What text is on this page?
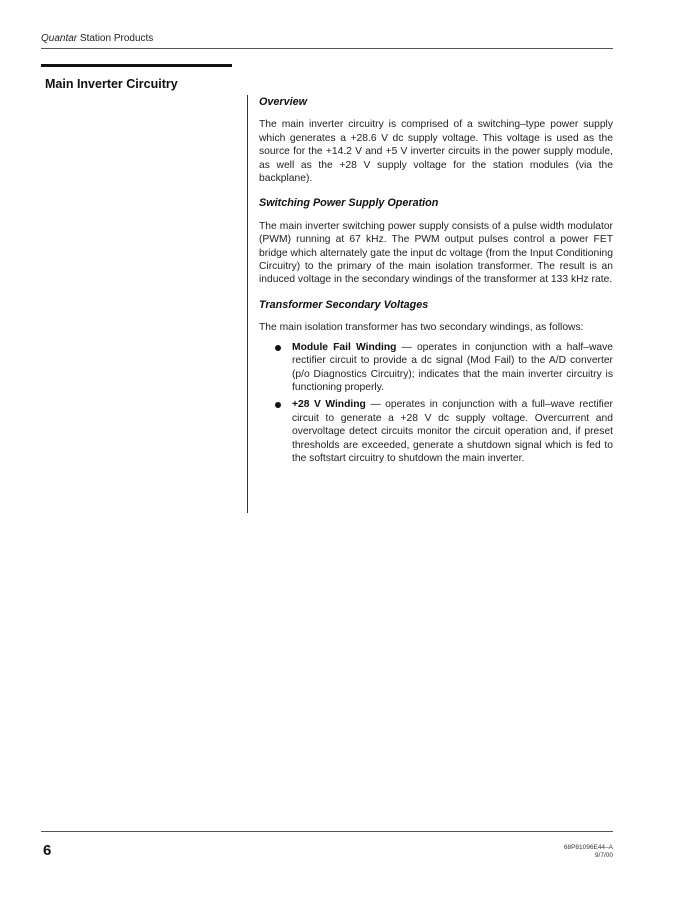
Quantar Station Products
Main Inverter Circuitry
Overview

The main inverter circuitry is comprised of a switching–type power supply which generates a +28.6 V dc supply voltage. This voltage is used as the source for the +14.2 V and +5 V inverter circuits in the power supply module, as well as the +28 V supply voltage for the station modules (via the backplane).

Switching Power Supply Operation

The main inverter switching power supply consists of a pulse width modulator (PWM) running at 67 kHz. The PWM output pulses control a power FET bridge which alternately gate the input dc voltage (from the Input Conditioning Circuitry) to the primary of the main isolation transformer. The result is an induced voltage in the secondary windings of the transformer at 133 kHz rate.

Transformer Secondary Voltages

The main isolation transformer has two secondary windings, as follows:

Module Fail Winding — operates in conjunction with a half–wave rectifier circuit to provide a dc signal (Mod Fail) to the A/D converter (p/o Diagnostics Circuitry); indicates that the main inverter circuitry is functioning properly.
+28 V Winding — operates in conjunction with a full–wave rectifier circuit to generate a +28 V dc supply voltage. Overcurrent and overvoltage detect circuits monitor the circuit operation and, if preset thresholds are exceeded, generate a shutdown signal which is fed to the softstart circuitry to shutdown the main inverter.
6	68P81096E44–A
9/7/00
